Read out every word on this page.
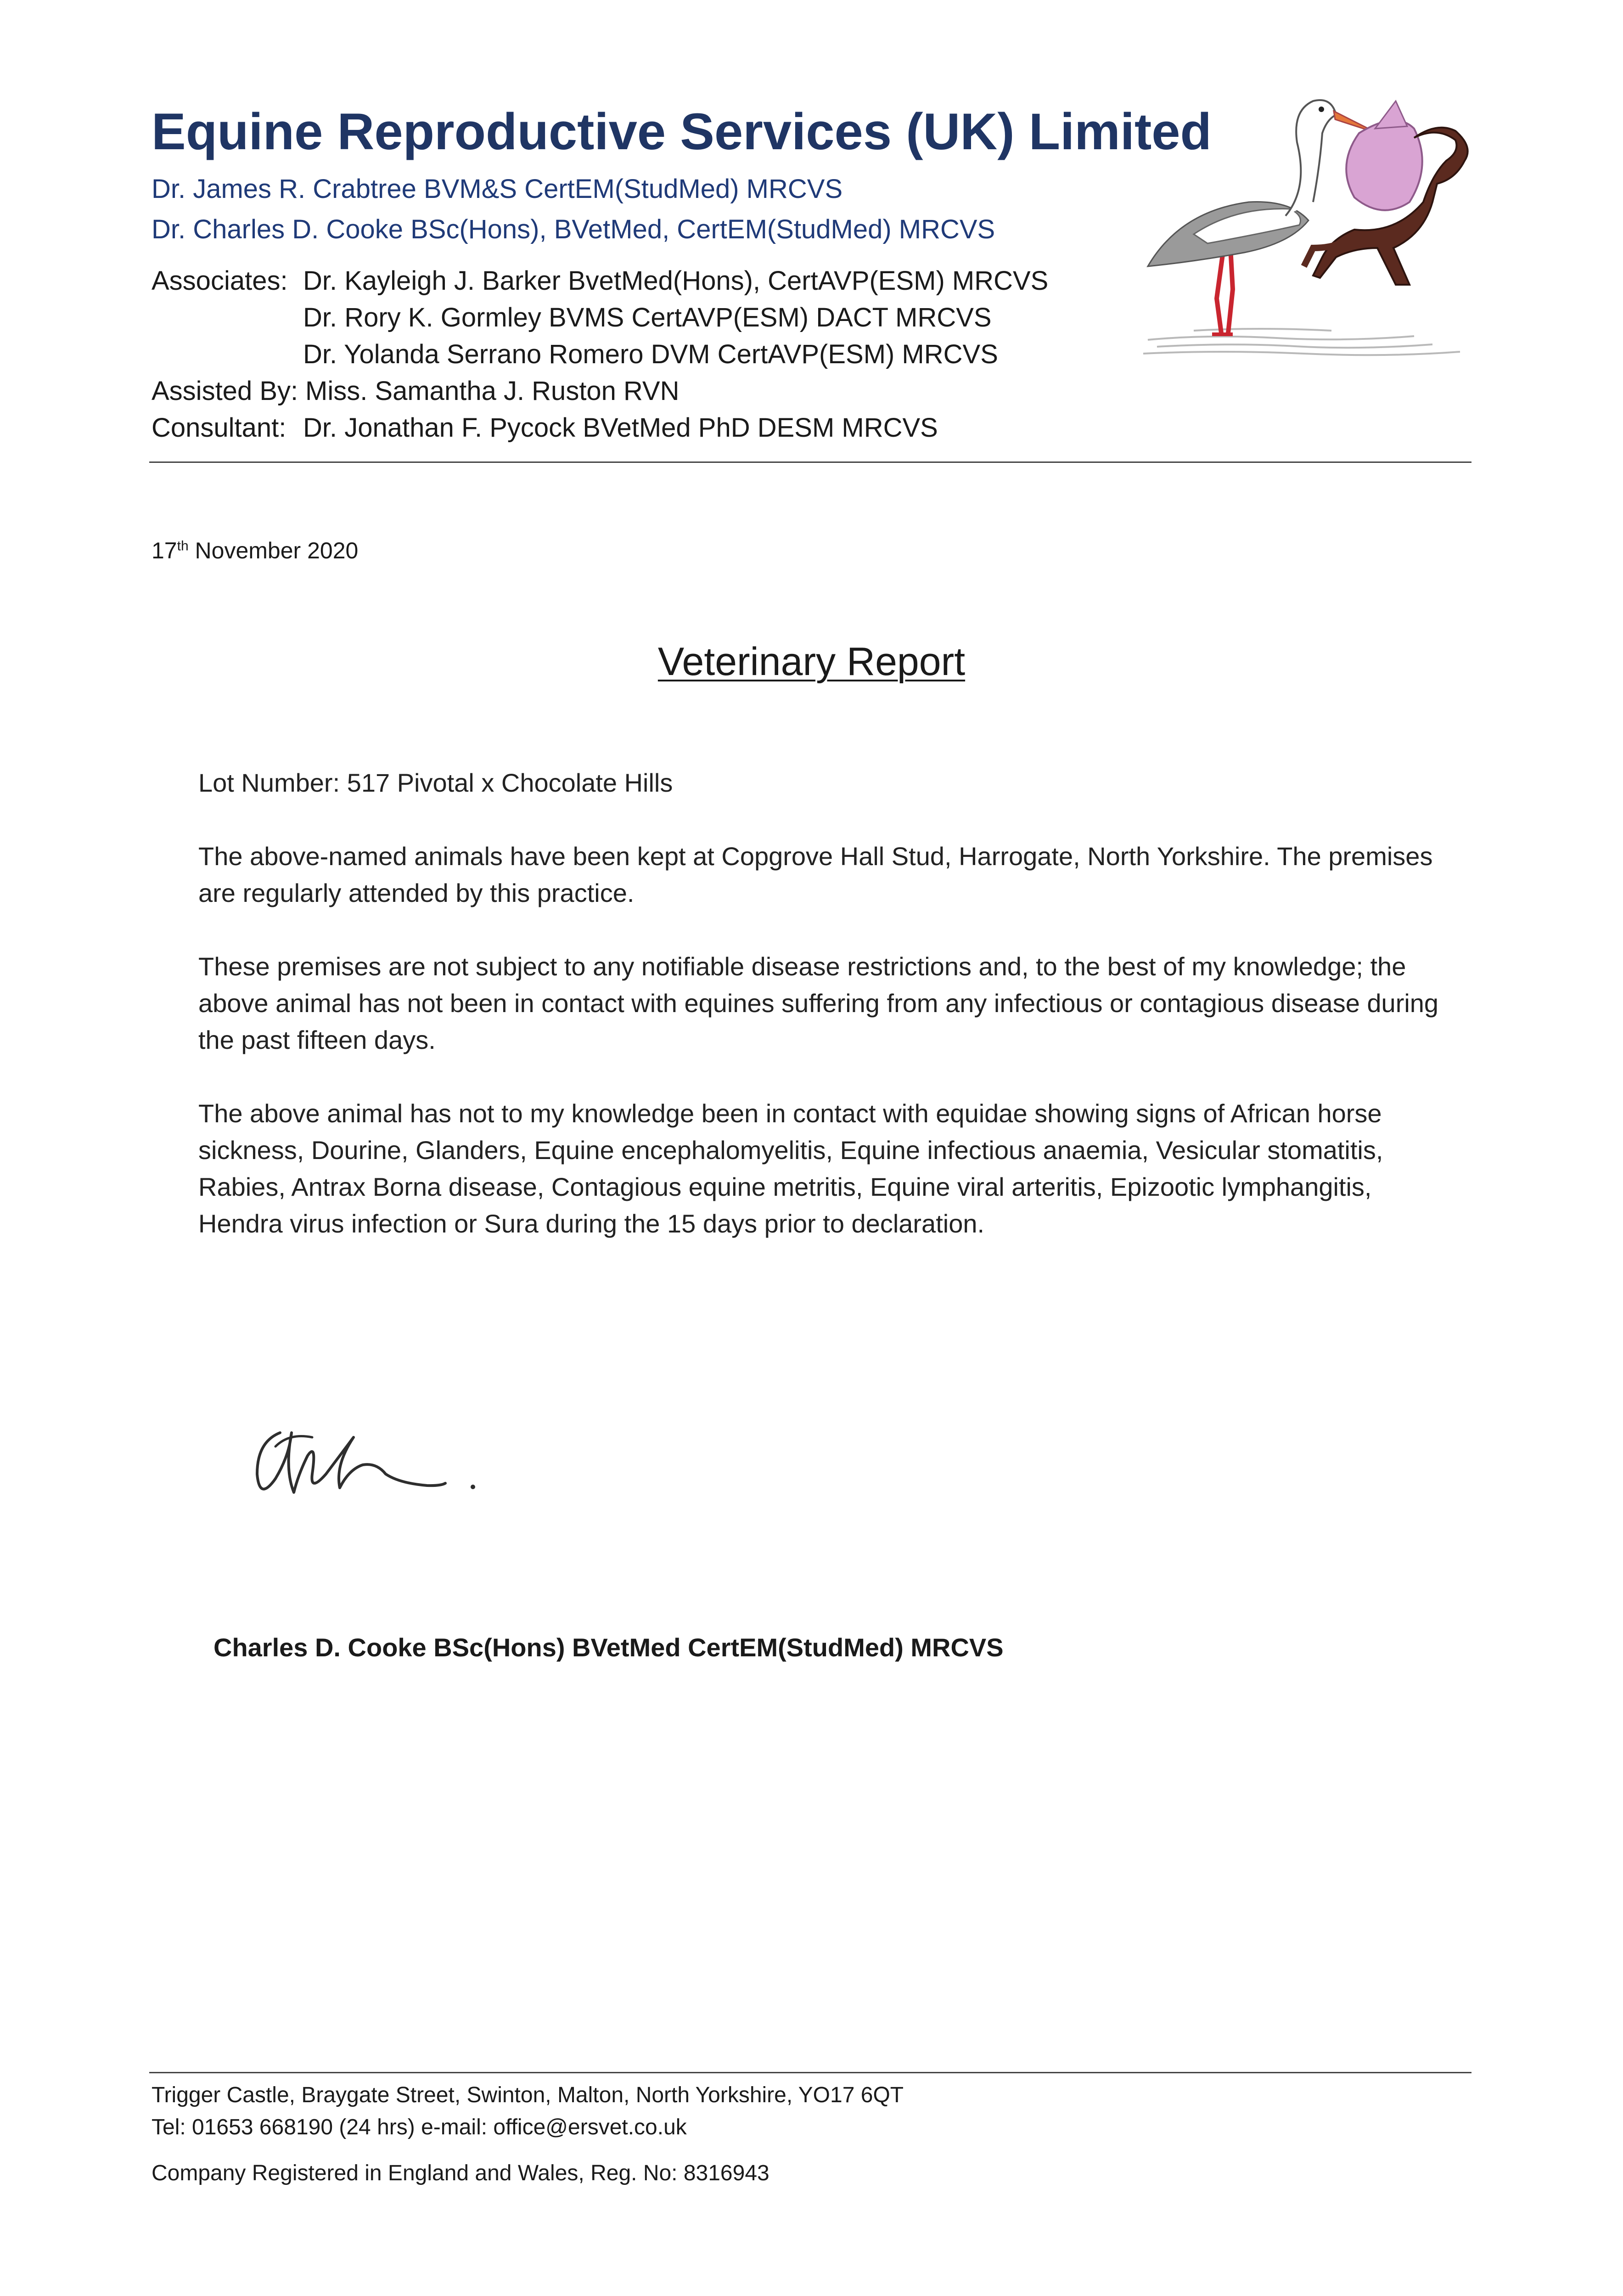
Equine Reproductive Services (UK) Limited
Dr. James R. Crabtree BVM&S CertEM(StudMed) MRCVS
Dr. Charles D. Cooke BSc(Hons), BVetMed, CertEM(StudMed) MRCVS
Associates: Dr. Kayleigh J. Barker BvetMed(Hons), CertAVP(ESM) MRCVS
Dr. Rory K. Gormley BVMS CertAVP(ESM) DACT MRCVS
Dr. Yolanda Serrano Romero DVM CertAVP(ESM) MRCVS
Assisted By: Miss. Samantha J. Ruston RVN
Consultant: Dr. Jonathan F. Pycock BVetMed PhD DESM MRCVS
17th November 2020
Veterinary Report
Lot Number: 517 Pivotal x Chocolate Hills
The above-named animals have been kept at Copgrove Hall Stud, Harrogate, North Yorkshire. The premises are regularly attended by this practice.
These premises are not subject to any notifiable disease restrictions and, to the best of my knowledge; the above animal has not been in contact with equines suffering from any infectious or contagious disease during the past fifteen days.
The above animal has not to my knowledge been in contact with equidae showing signs of African horse sickness, Dourine, Glanders, Equine encephalomyelitis, Equine infectious anaemia, Vesicular stomatitis, Rabies, Antrax Borna disease, Contagious equine metritis, Equine viral arteritis, Epizootic lymphangitis, Hendra virus infection or Sura during the 15 days prior to declaration.
Charles D. Cooke BSc(Hons) BVetMed CertEM(StudMed) MRCVS
Trigger Castle, Braygate Street, Swinton, Malton, North Yorkshire, YO17 6QT
Tel: 01653 668190 (24 hrs) e-mail: office@ersvet.co.uk
Company Registered in England and Wales, Reg. No: 8316943
